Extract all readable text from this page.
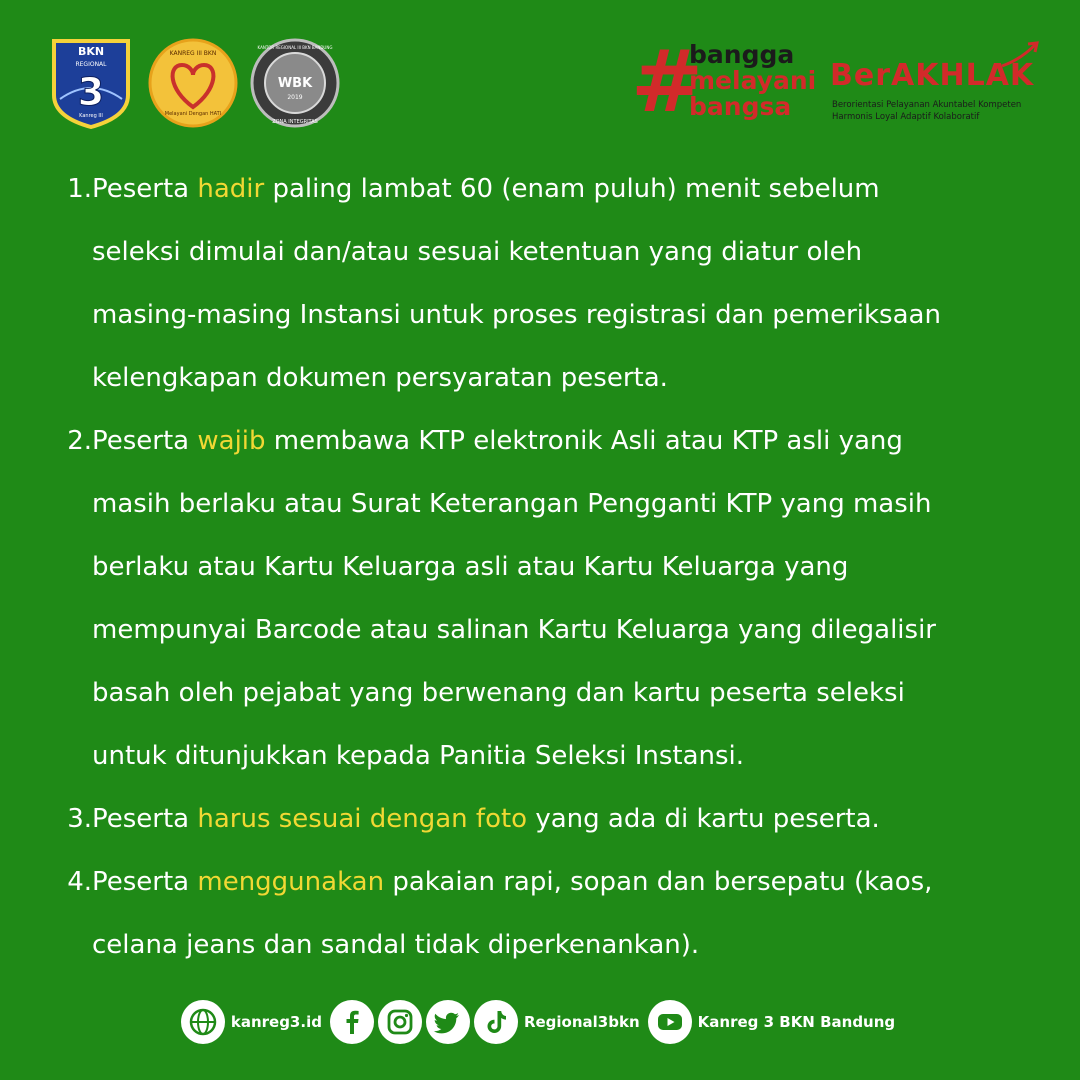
BKN
REGIONAL
3
Kanreg III
KANREG III BKN
Melayani Dengan HATI
KANTOR REGIONAL III BKN BANDUNG
WBK
2019
ZONA INTEGRITAS	#
bangga
melayani
bangsa
BerAKHLAK
Berorientasi Pelayanan Akuntabel Kompeten
Harmonis Loyal Adaptif Kolaboratif
1. Peserta hadir paling lambat 60 (enam puluh) menit sebelum
seleksi dimulai dan/atau sesuai ketentuan yang diatur oleh
masing-masing Instansi untuk proses registrasi dan pemeriksaan
kelengkapan dokumen persyaratan peserta.
2. Peserta wajib membawa KTP elektronik Asli atau KTP asli yang
masih berlaku atau Surat Keterangan Pengganti KTP yang masih
berlaku atau Kartu Keluarga asli atau Kartu Keluarga yang
mempunyai Barcode atau salinan Kartu Keluarga yang dilegalisir
basah oleh pejabat yang berwenang dan kartu peserta seleksi
untuk ditunjukkan kepada Panitia Seleksi Instansi.
3. Peserta harus sesuai dengan foto yang ada di kartu peserta.
4. Peserta menggunakan pakaian rapi, sopan dan bersepatu (kaos,
celana jeans dan sandal tidak diperkenankan).
kanreg3.id	Regional3bkn	Kanreg 3 BKN Bandung
